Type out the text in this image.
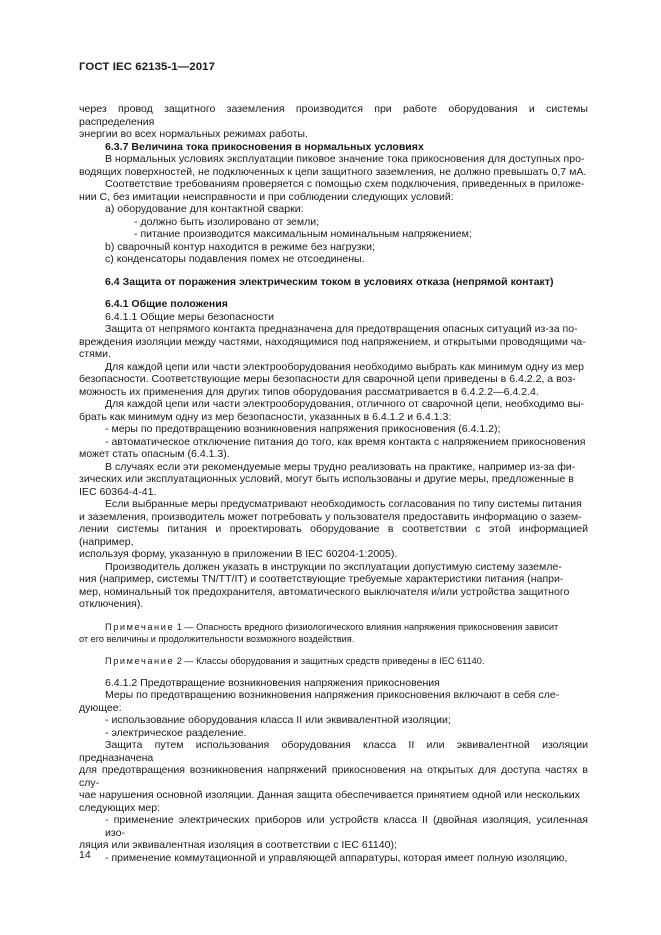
ГОСТ IEC 62135-1—2017

через провод защитного заземления производится при работе оборудования и системы распределения

энергии во всех нормальных режимах работы.

6.3.7 Величина тока прикосновения в нормальных условиях

В нормальных условиях эксплуатации пиковое значение тока прикосновения для доступных про-

водящих поверхностей, не подключенных к цепи защитного заземления, не должно превышать 0,7 мА.

Соответствие требованиям проверяется с помощью схем подключения, приведенных в приложе-

нии C, без имитации неисправности и при соблюдении следующих условий:

a) оборудование для контактной сварки:

- должно быть изолировано от земли;

- питание производится максимальным номинальным напряжением;

b) сварочный контур находится в режиме без нагрузки;

c) конденсаторы подавления помех не отсоединены.

6.4 Защита от поражения электрическим током в условиях отказа (непрямой контакт)

6.4.1 Общие положения

6.4.1.1 Общие меры безопасности

Защита от непрямого контакта предназначена для предотвращения опасных ситуаций из-за по-

вреждения изоляции между частями, находящимися под напряжением, и открытыми проводящими ча-

стями.

Для каждой цепи или части электрооборудования необходимо выбрать как минимум одну из мер

безопасности. Соответствующие меры безопасности для сварочной цепи приведены в 6.4.2.2, а воз-

можность их применения для других типов оборудования рассматривается в 6.4.2.2—6.4.2.4.

Для каждой цепи или части электрооборудования, отличного от сварочной цепи, необходимо вы-

брать как минимум одну из мер безопасности, указанных в 6.4.1.2 и 6.4.1.3:

- меры по предотвращению возникновения напряжения прикосновения (6.4.1.2);

- автоматическое отключение питания до того, как время контакта с напряжением прикосновения

может стать опасным (6.4.1.3).

В случаях если эти рекомендуемые меры трудно реализовать на практике, например из-за фи-

зических или эксплуатационных условий, могут быть использованы и другие меры, предложенные в

IEC 60364-4-41.

Если выбранные меры предусматривают необходимость согласования по типу системы питания

и заземления, производитель может потребовать у пользователя предоставить информацию о зазем-

лении системы питания и проектировать оборудование в соответствии с этой информацией (например,

используя форму, указанную в приложении B IEC 60204-1:2005).

Производитель должен указать в инструкции по эксплуатации допустимую систему заземле-

ния (например, системы TN/TT/IT) и соответствующие требуемые характеристики питания (напри-

мер, номинальный ток предохранителя, автоматического выключателя и/или устройства защитного

отключения).

Примечание 1 — Опасность вредного физиологического влияния напряжения прикосновения зависит

от его величины и продолжительности возможного воздействия.

Примечание 2 — Классы оборудования и защитных средств приведены в IEC 61140.

6.4.1.2 Предотвращение возникновения напряжения прикосновения

Меры по предотвращению возникновения напряжения прикосновения включают в себя сле-

дующее:

- использование оборудования класса II или эквивалентной изоляции;

- электрическое разделение.

Защита путем использования оборудования класса II или эквивалентной изоляции предназначена

для предотвращения возникновения напряжений прикосновения на открытых для доступа частях в слу-

чае нарушения основной изоляции. Данная защита обеспечивается принятием одной или нескольких

следующих мер:

- применение электрических приборов или устройств класса II (двойная изоляция, усиленная изо-

ляция или эквивалентная изоляция в соответствии с IEC 61140);

- применение коммутационной и управляющей аппаратуры, которая имеет полную изоляцию,

14
